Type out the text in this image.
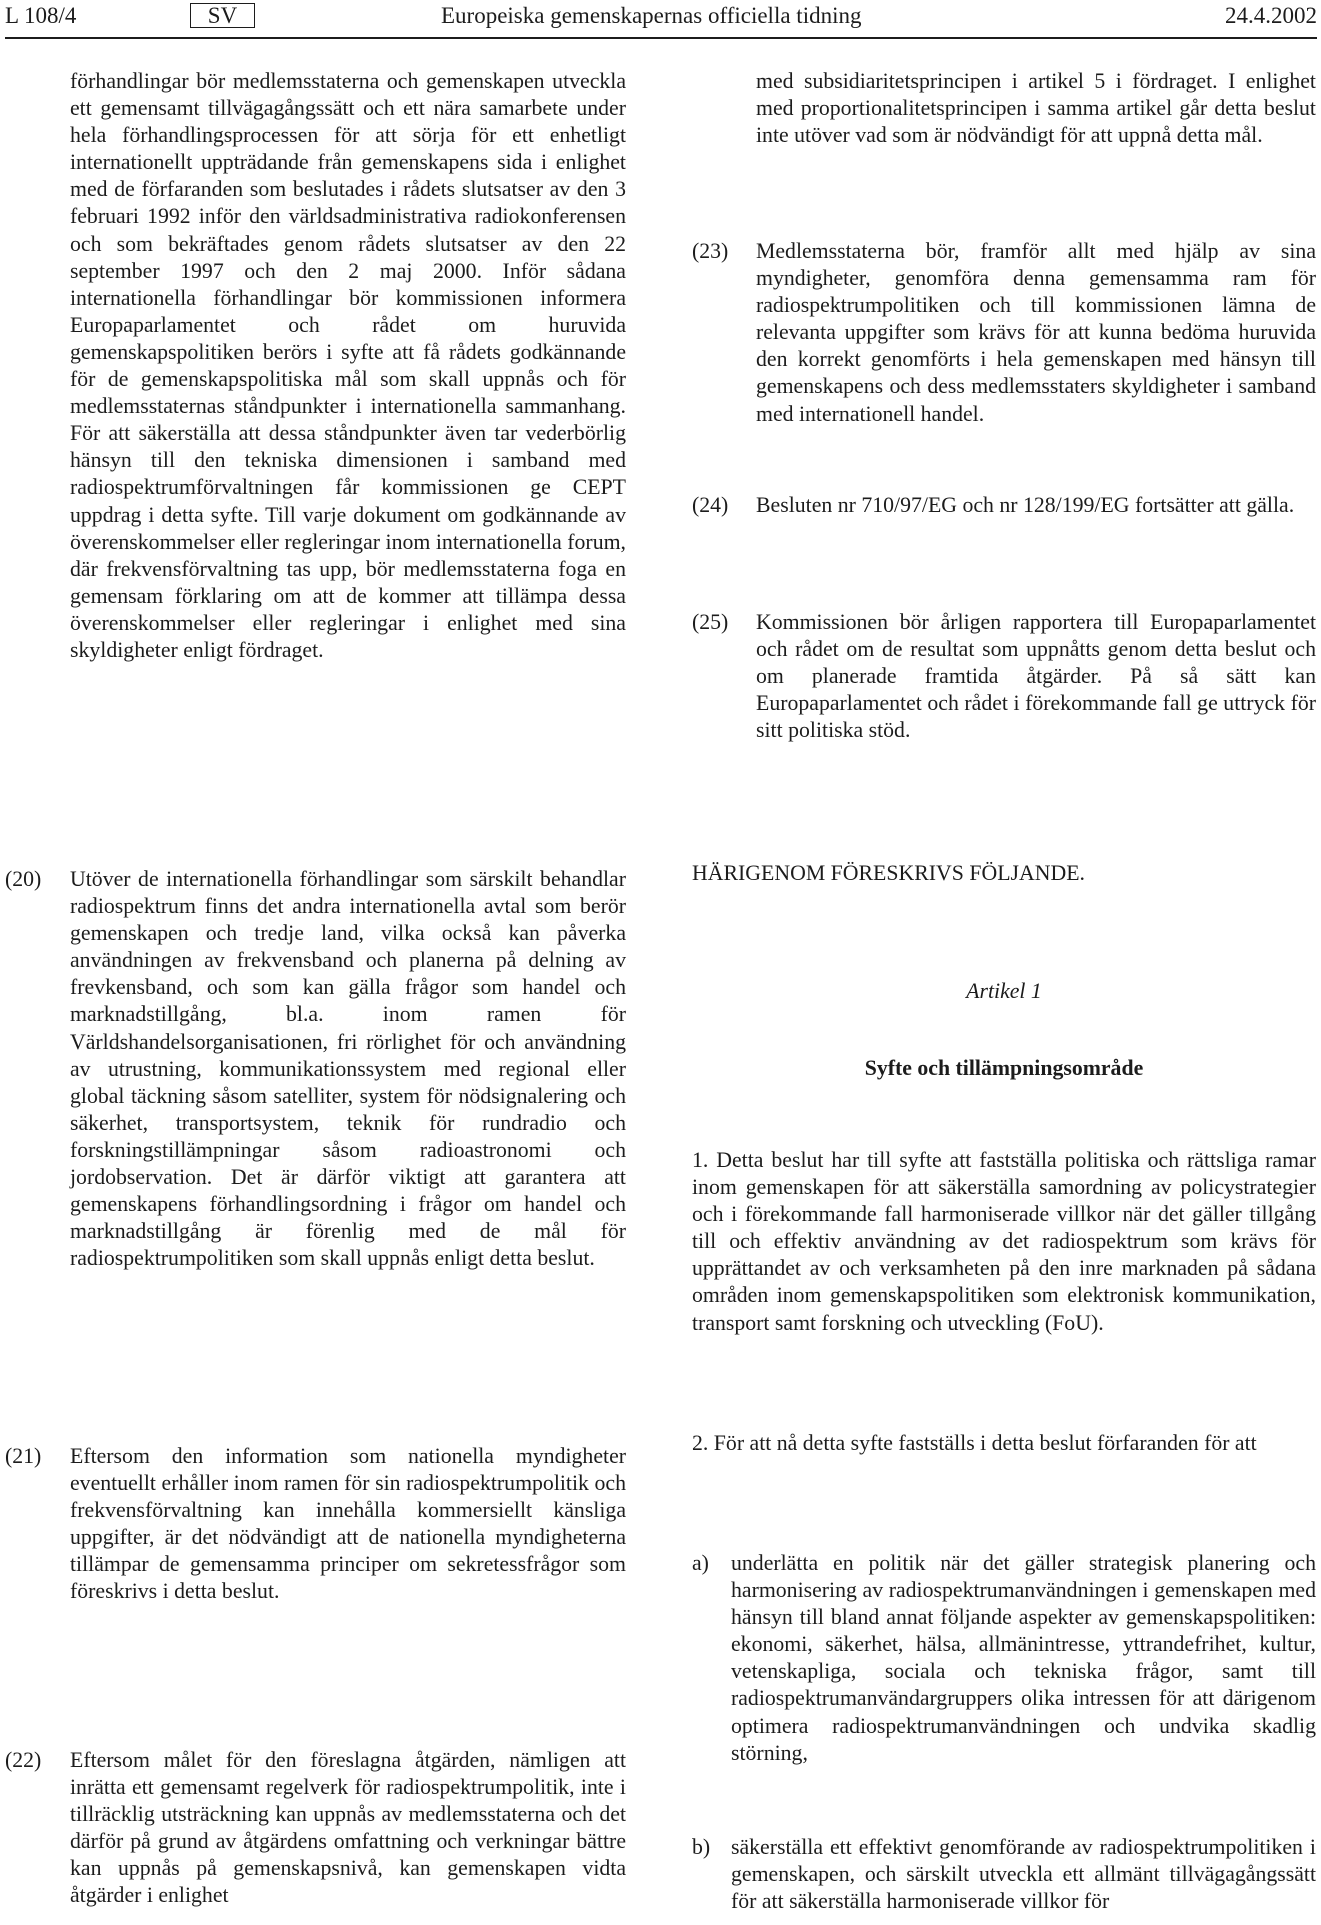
L 108/4	SV	Europeiska gemenskapernas officiella tidning	24.4.2002
förhandlingar bör medlemsstaterna och gemenskapen utveckla ett gemensamt tillvägagångssätt och ett nära samarbete under hela förhandlingsprocessen för att sörja för ett enhetligt internationellt uppträdande från gemenskapens sida i enlighet med de förfaranden som beslutades i rådets slutsatser av den 3 februari 1992 inför den världsadministrativa radiokonferensen och som bekräftades genom rådets slutsatser av den 22 september 1997 och den 2 maj 2000. Inför sådana internationella förhandlingar bör kommissionen informera Europaparlamentet och rådet om huruvida gemenskapspolitiken berörs i syfte att få rådets godkännande för de gemenskapspolitiska mål som skall uppnås och för medlemsstaternas ståndpunkter i internationella sammanhang. För att säkerställa att dessa ståndpunkter även tar vederbörlig hänsyn till den tekniska dimensionen i samband med radiospektrumförvaltningen får kommissionen ge CEPT uppdrag i detta syfte. Till varje dokument om godkännande av överenskommelser eller regleringar inom internationella forum, där frekvensförvaltning tas upp, bör medlemsstaterna foga en gemensam förklaring om att de kommer att tillämpa dessa överenskommelser eller regleringar i enlighet med sina skyldigheter enligt fördraget.
(20) Utöver de internationella förhandlingar som särskilt behandlar radiospektrum finns det andra internationella avtal som berör gemenskapen och tredje land, vilka också kan påverka användningen av frekvensband och planerna på delning av frevkensband, och som kan gälla frågor som handel och marknadstillgång, bl.a. inom ramen för Världshandelsorganisationen, fri rörlighet för och användning av utrustning, kommunikationssystem med regional eller global täckning såsom satelliter, system för nödsignalering och säkerhet, transportsystem, teknik för rundradio och forskningstillämpningar såsom radioastronomi och jordobservation. Det är därför viktigt att garantera att gemenskapens förhandlingsordning i frågor om handel och marknadstillgång är förenlig med de mål för radiospektrumpolitiken som skall uppnås enligt detta beslut.
(21) Eftersom den information som nationella myndigheter eventuellt erhåller inom ramen för sin radiospektrumpolitik och frekvensförvaltning kan innehålla kommersiellt känsliga uppgifter, är det nödvändigt att de nationella myndigheterna tillämpar de gemensamma principer om sekretessfrågor som föreskrivs i detta beslut.
(22) Eftersom målet för den föreslagna åtgärden, nämligen att inrätta ett gemensamt regelverk för radiospektrumpolitik, inte i tillräcklig utsträckning kan uppnås av medlemsstaterna och det därför på grund av åtgärdens omfattning och verkningar bättre kan uppnås på gemenskapsnivå, kan gemenskapen vidta åtgärder i enlighet
med subsidiaritetsprincipen i artikel 5 i fördraget. I enlighet med proportionalitetsprincipen i samma artikel går detta beslut inte utöver vad som är nödvändigt för att uppnå detta mål.
(23) Medlemsstaterna bör, framför allt med hjälp av sina myndigheter, genomföra denna gemensamma ram för radiospektrumpolitiken och till kommissionen lämna de relevanta uppgifter som krävs för att kunna bedöma huruvida den korrekt genomförts i hela gemenskapen med hänsyn till gemenskapens och dess medlemsstaters skyldigheter i samband med internationell handel.
(24) Besluten nr 710/97/EG och nr 128/199/EG fortsätter att gälla.
(25) Kommissionen bör årligen rapportera till Europaparlamentet och rådet om de resultat som uppnåtts genom detta beslut och om planerade framtida åtgärder. På så sätt kan Europaparlamentet och rådet i förekommande fall ge uttryck för sitt politiska stöd.
HÄRIGENOM FÖRESKRIVS FÖLJANDE.
Artikel 1
Syfte och tillämpningsområde
1. Detta beslut har till syfte att fastställa politiska och rättsliga ramar inom gemenskapen för att säkerställa samordning av policystrategier och i förekommande fall harmoniserade villkor när det gäller tillgång till och effektiv användning av det radiospektrum som krävs för upprättandet av och verksamheten på den inre marknaden på sådana områden inom gemenskapspolitiken som elektronisk kommunikation, transport samt forskning och utveckling (FoU).
2. För att nå detta syfte fastställs i detta beslut förfaranden för att
a) underlätta en politik när det gäller strategisk planering och harmonisering av radiospektrumanvändningen i gemenskapen med hänsyn till bland annat följande aspekter av gemenskapspolitiken: ekonomi, säkerhet, hälsa, allmänintresse, yttrandefrihet, kultur, vetenskapliga, sociala och tekniska frågor, samt till radiospektrumanvändargruppers olika intressen för att därigenom optimera radiospektrumanvändningen och undvika skadlig störning,
b) säkerställa ett effektivt genomförande av radiospektrumpolitiken i gemenskapen, och särskilt utveckla ett allmänt tillvägagångssätt för att säkerställa harmoniserade villkor för
